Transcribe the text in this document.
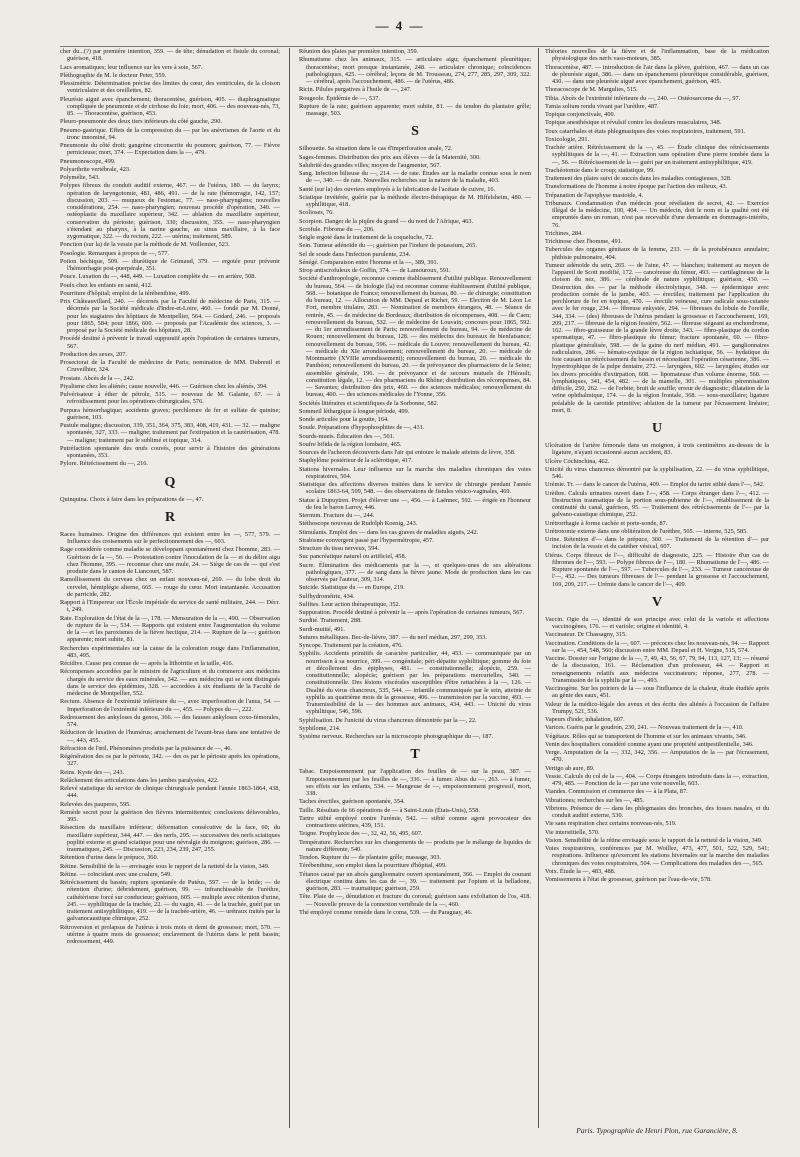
— 4 —
cher du...(?) par première intention, 359. — de tête; dénudation et fistule du coronal; guérison, 418.
Lacs aromatiques; leur influence sur les vers à soie, 567.
Pléthographie de M. le docteur Peter, 559.
Plessimétrie. Détermination précise des limites du cœur, des ventricules, de la cloison ventriculaire et des oreillettes, 82.
Pleurésie aiguë avec épanchement; thoracentèse, guérison, 405. — diaphragmatique compliquée de pneumonie et de cirrhose du foie; mort, 406. — des nouveau-nés, 73, 85. — Thoracentèse, guérison, 453.
Pleuro-pneumonie des deux tiers inférieurs du côté gauche, 290.
Pneumo-gastrique. Effets de la compression du — par les anévrismes de l'aorte et du tronc innominé, 94.
Pneumonie du côté droit; gangrène circonscrite du poumon; guérison, 77. — Fièvre pernicieuse; mort, 374. — Expectation dans la —, 479.
Pneumonoscope, 499.
Polyarthrite vertébrale, 423.
Polymélie, 543.
Polypes fibreux du conduit auditif externe, 467. — de l'utérus, 180. — du larynx; opération de laryngotomie, 481, 486, 491. — de la rate (hémorragie, 142, 157; discussion, 203. — muqueux de l'estomac, 77. — naso-pharyngiens; nouvelles considérations, 254. — naso-pharyngien; nouveau procédé d'opération, 340. — ostéoplastie du maxillaire supérieur, 342. — ablation du maxillaire supérieur, conservation du périoste; guérison, 330; discussion, 355. — naso-pharyngien s'étendant au pharynx, à la narine gauche, au sinus maxillaire, à la face zygomatique, 322. — du rectum, 222. — utérins; traitement, 589.
Ponction (sur la) de la vessie par la méthode de M. Voillemier, 523.
Posologie. Remarques à propos de —, 577.
Potion béchique, 509. — diurétique de Grimaud, 379. — ergotée pour prévenir l'hémorrhagie post-puerpérale, 351.
Pouce. Luxation du —, 448, 449. — Luxation complète du — en arrière, 508.
Poulx chez les enfants en santé, 412.
Pourriture d'hôpital; emploi de la térébenthine, 499.
Prix Châteauvillard, 240. — décernés par la Faculté de médecine de Paris, 315. — décernés par la Société médicale d'Indre-et-Loire, 460. — fondé par M. Donné, pour les stagiaires des hôpitaux de Montpellier, 564. — Godard, 246. — proposés pour 1865, 584; pour 1866, 600. — proposés par l'Académie des sciences, 3. — proposé par la Société médicale des hôpitaux, 28.
Procédé destiné à prévenir le travail suppuratif après l'opération de certaines tumeurs, 567.
Production des sexes, 207.
Prosectorat de la Faculté de médecine de Paris; nomination de MM. Dubreuil et Cruveilhier, 324.
Prostate. Abcès de la —, 242.
Ptyalisme chez les aliénés; cause nouvelle, 446. — Guérison chez les aliénés, 394.
Pulvérisateur à éther de pétrole, 515. — nouveau de M. Galante, 67. — à refroidissement pour les opérations chirurgicales, 576.
Purpura hémorrhagique; accidents graves; perchlorure de fer et sulfate de quinine; guérison, 103.
Pustule maligne; discussion, 339, 351, 364, 375, 383, 408, 419, 431. — 32. — maligne spontanée, 327, 333. — maligne; traitement par l'extirpation et la cautérisation, 478. — maligne; traitement par le sublimé et topique, 314.
Putréfaction spontanée des œufs couvés, pour servir à l'histoire des générations spontanées, 353.
Pylore. Rétrécissement du —, 216.
Q
Quinquina. Choix à faire dans les préparations de —, 47.
R
Races humaines. Origine des différences qui existent entre les —, 577, 579. — Influence des croisements sur le perfectionnement des —, 603.
Rage considérée comme maladie se développant spontanément chez l'homme, 283. — Guérison de la —, 56. — Protestation contre l'inoculation de la — et du délire aigu chez l'homme, 395. — reconnue chez une mule, 24. — Siège de cas de — qui s'est produite dans le canton de Liancourt, 587.
Ramollissement du cerveau chez un enfant nouveau-né, 269. — du lobe droit du cervelet, hémiplégie alterne, 665. — rouge du cœur. Mort instantanée. Accusation de parricide, 282.
Rapport à l'Empereur sur l'École impériale du service de santé militaire, 244. — Décr. t, 249.
Rate. Exploration de l'état de la —, 178. — Mensuration de la —, 490. — Observation de rupture de la —, 534. — Rapports qui existent entre l'augmentation du volume de la — et les paroxismes de la fièvre hectique, 214. — Rupture de la —; guérison apparente; mort subite, 81.
Recherches expérimentales sur la cause de la coloration rouge dans l'inflammation, 483, 495.
Récidive. Cause peu connue de — après la lithotritie et la taille, 416.
Récompenses accordées par le ministre de l'agriculture et du commerce aux médecins chargés du service des eaux minérales, 342. — aux médecins qui se sont distingués dans le service des épidémies, 328. — accordées à six étudiants de la Faculté de médecine de Montpellier, 552.
Rectum. Absence de l'extrémité inférieure du —, avec imperforation de l'anus, 54. — Imperforation de l'extrémité inférieure du —, 455. — Polypes du —, 222.
Redressement des ankyloses du genou, 366. — des fausses ankyloses coxo-fémorales, 574.
Réduction de luxation de l'humérus; arrachement de l'avant-bras dans une tentative de —, 443, 455.
Réfraction de l'œil. Phénomènes produits par la puissance de —, 46.
Régénération des os par le périoste, 342. — des os par le périoste après les opérations, 327.
Reins. Kyste des —, 243.
Relâchement des articulations dans les jambes paralysées, 422.
Relevé statistique du service de clinique chirurgicale pendant l'année 1863-1864, 438, 444.
Relevées des pauperes, 595.
Remède secret pour la guérison des fièvres intermittentes; conclusions défavorables, 395.
Résection du maxillaire inférieur; déformation consécutive de la face, 60; du maxillaire supérieur, 344, 447. — des nerfs, 295. — successives des nerfs sciatiques poplité externe et grand sciatique pour une névralgie du moignon; guérison, 286. — traumatiques, 245. — Discussion, 223, 234, 239, 247, 255.
Rétention d'urine dans le prépuce, 360.
Rétine. Sensibilité de la — envisagée sous le rapport de la netteté de la vision, 349.
Rétine. — coïncidant avec une coalure, 549.
Rétrécissement du bassin; rupture spontanée de Putéus, 597. — de la bride; — de rétention d'urine; débridement, guérison, 99. — infranchissable de l'urèthre, cathétérisme forcé sur conducteur; guérison, 605. — multiple avec rétention d'urine, 245. — syphilitique de la trachée, 22. — du vagin, 41. — de la trachée, guéri par un traitement antisyphilitique, 419. — de la trachée-artère, 46. — urétraux traités par la galvanocaustique chimique, 252.
Rétroversion et prolapsus de l'utérus à trois mois et demi de grossesse; mort, 570. — utérine à quatre mois de grossesse; enclavement de l'utérus dans le petit bassin; redressement, 449.
Réunion des plaies par première intention, 359.
Rhumatisme chez les animaux, 315. — articulaire aigu; épanchement pleurétique; thoracentèse; mort presque instantanée, 248. — articulaire chronique; coïncidences pathologiques, 425. — cérébral; leçons de M. Trousseau, 274, 277, 285, 297, 309, 322. — cérébral, après l'accouchement, 486. — de l'utérus, 486.
Ricin. Pilules purgatives à l'huile de —, 247.
Rougeole. Épidémie de —, 537.
Rupture de la rate; guérison apparente; mort subite, 81. — du tendon du plantaire grêle; massage, 503.
S
Silhouette. Sa situation dans le cas d'imperforation anale, 72.
Sages-femmes. Distribution des prix aux élèves — de la Maternité, 300.
Salubrité des grandes villes; moyen de l'augmenter, 567.
Sang. Infection bilieuse du —, 214. — de rate. Études sur la maladie connue sous le nom de —, 340. — de rate. Nouvelles recherches sur la nature de la maladie, 403.
Santé (sur la) des ouvriers employés à la fabrication de l'acétate de cuivre, 16.
Sciatique invétérée, guérie par la méthode électro-thérapique de M. Hiffelsheim, 480. — syphilitique, 418.
Scolioses, 76.
Scorpion. Danger de la piqûre du grand — du nord de l'Afrique, 463.
Scrofule. Fibrome du —, 206.
Seigle ergoté dans le traitement de la coqueluche, 72.
Sein. Tumeur adénoïde du —; guérison par l'iodure de potassium, 265.
Sel de soude dans l'infection purulente, 234.
Sénégé. Comparaison entre l'homme et la —, 389, 391.
Sirop antiscrofuleux de Goffin, 374. — de Lamouroux, 591.
Société d'anthropologie, reconnue comme établissement d'utilité publique. Renouvellement du bureau, 564. — de biologie (la) est reconnue comme établissement d'utilité publique, 568. — botanique de France; renouvellement du bureau, 80. — de chirurgie; constitution du bureau, 12. — Allocution de MM. Depaul et Richet, 59. — Election de M. Léon Le Fort, membre titulaire, 283. — Nomination de membres étrangers, 48. — Séance de rentrée, 45. — de médecine de Bordeaux; distribution de récompenses, 408. — de Caen; renouvellement du bureau, 532. — de médecine de Louvain; concours pour 1865, 592. — du 1er arrondissement de Paris; renouvellement du bureau, 94. — de médecine de Rouen; renouvellement du bureau, 128. — des médecins des bureaux de bienfaisance; renouvellement du bureau, 596. — médicale du Louvre; renouvellement du bureau, 42. — médicale du XIe arrondissement; renouvellement du bureau, 20. — médicale de Montmartre (XVIIIe arrondissement); renouvellement du bureau, 20. — médicale du Panthéon; renouvellement du bureau, 20. — de prévoyance des pharmaciens de la Seine; assemblée générale, 196. — de prévoyance et de secours mutuels de l'Hérault; constitution légale, 12. — des pharmaciens du Rhône; distribution des récompenses, 84. — Savantes; distribution des prix, 460. — des sciences médicales; renouvellement du bureau, 400. — des sciences médicales de l'Yonne, 356.
Sociétés littéraires et scientifiques de la Sorbonne, 582.
Sommeil léthargique à longue période, 499.
Sonde articulée pour la goutte, 164.
Soude. Préparations d'hypophosphites de —, 431.
Sourds-muets. Éducation des —, 501.
Soufre bifida de la région lombaire, 465.
Sources de l'acheron découverts dans l'air qui entoure le malade atteints de lèvre, 358.
Staphylôme postérieur de la sclérotique, 417.
Stations hivernales. Leur influence sur la marche des maladies chroniques des voies respiratoires, 504.
Statistique des affections diverses traitées dans le service de chirurgie pendant l'année scolaire 1863-64, 509, 548. — des observations de fistules vésico-vaginales, 469.
Statue à Dupuytren. Projet d'élever une —, 456. — à Laënnec, 592. — érigée en l'honneur de feu le baron Larrey, 446.
Sternum. Fracture du —, 244.
Stéthoscope nouveau de Rudolph Koenig, 243.
Stimulants. Emploi des — dans les cas graves de maladies aiguës, 242.
Strabisme convergent passé par l'hypermétropie, 457.
Structure du tissu nerveux, 594.
Suc pancréatique naturel ou artificiel, 458.
Sucre. Élimination des médicaments par la —, et quelques-unes de ses altérations pathologiques, 377. — de sang dans la fièvre jaune. Mode de production dans les cas observés par l'auteur, 309, 314.
Suicide. Statistique du — en Europe, 219.
Sulfhydrométrie, 434.
Sulfites. Leur action thérapeutique, 352.
Suppuration. Procédé destiné à prévenir la — après l'opération de certaines tumeurs, 567.
Surdité. Traitement, 288.
Surdi-mutité, 491.
Sutures métalliques. Bec-de-lièvre, 387. — du nerf médian, 297, 299, 353.
Syncope. Traitement par la création, 476.
Syphilis. Accidents primitifs de caractère particulier, 44, 453. — communiquée par un nourrisson à sa nourrice, 399. — congénitale; péri-dépatite syphilitique; gomme du foie et décollement des épiphyses, 481. — constitutionnelle; alopécie, 259. — constitutionnelle; alopécie; guérison par les préparations mercurielles, 340. — constitutionnelle. Des lésions viscérales susceptibles d'être rattachées à la —, 126. — Dualité du virus chancreux, 535, 544. — infantile communiquée par le sein, atteinte de syphilis au quatrième mois de la grossesse, 406. — transmission par la vaccine, 493. — Transmissibilité de la — des hommes aux animaux, 434, 443. — Unicité du virus syphilitique, 546, 596.
Syphilisation. De l'unicité du virus chancreux démontrée par la —, 22.
Syphilome, 214.
Système nerveux. Recherches sur la microscopie photographique du —, 187.
T
Tabac. Empoisonnement par l'application des feuilles de — sur la peau, 387. — Empoisonnement par les feuilles de —, 336. — à fumer. Abus du —, 263. — à fumer, ses effets sur les enfants, 534. — Mangeuse de —, empoisonnement progressif, mort, 338.
Taches érectiles, guérison spontanée, 354.
Taille. Résultats de 66 opérations de — à Saint-Louis (États-Unis), 558.
Tartre stibié employé contre l'urémie, 542. — stibié comme agent provocateur des contractions utérines, 439, 151.
Teigne. Prophylaxie des —, 32, 42, 56, 495, 607.
Température. Recherches sur les changements de — produits par le mélange de liquides de nature différente, 540.
Tendon. Rupture du — de plantaire grêle; massage, 303.
Térébenthine, son emploi dans la pourriture d'hôpital, 499.
Tétanos causé par un abcès ganglionnaire ouvert spontanément, 366. — Emploi du courant électrique continu dans les cas de —, 39. — traitement par l'opium et la belladone, guérison, 283. — traumatique; guérison, 259.
Tête. Plaie de —, dénudation et fracture du coronal; guérison sans exfoliation de l'os, 418. — Nouvelle preuve de la connexion vertébrale de la —, 460.
Thé employé comme remède dans le coma, 539. — du Paraguay, 46.
Théories nouvelles de la fièvre et de l'inflammation, base de la médication physiologique des nerfs vaso-moteurs, 385.
Thoracentèse, 487. — introduction de l'air dans la plèvre, guérison, 467. — dans un cas de pleurésie aiguë, 386. — dans un épanchement pleurétique considérable, guérison, 430. — dans une pleurésie aiguë avec épanchement, guérison, 405.
Thoracoscope de M. Margulies, 515.
Tibia. Abcès de l'extrémité inférieure du —, 240. — Ostéosarcome du —, 97.
Tænia solium rendu vivant par l'urèthre, 487.
Topique conjonctivale, 400.
Topique anesthésique et révulsif contre les douleurs musculaires, 348.
Toux catarrhales et états phlegmasiques des voies respiratoires, traitement, 591.
Toxicologie, 291.
Trachée artère. Rétrécissement de la —, 45. — Étude clinique des rétrécissements syphilitiques de la —, 41. — Extraction sans opération d'une pierre tombée dans la —, 56. — Rétrécissement de la — guéri par un traitement antisyphilitique, 419.
Trachéotomie dans le croup; statistique, 99.
Traitement des plaies suivi de succès dans les maladies contagieuses, 328.
Transformations de l'homme à notre époque par l'action des milieux, 43.
Trépanation de l'apophyse mastoïde, 4.
Tribunaux. Condamnation d'un médecin pour révélation de secret, 42. — Exercice illégal de la médecine, 100, 404. — Un médecin, doit le nom et la qualité ont été empruntés dans un roman, n'est pas recevable d'une demande en dommages-intérêts, 76.
Trichines, 284.
Trichinose chez l'homme, 491.
Tubercules des organes génitaux de la femme, 233. — de la protubérance annulaire; phthisie pulmonaire, 404.
Tumeur adénoïde du sein, 265. — de l'aine, 47. — blanches; traitement au moyen de l'appareil de Scott modifié, 172. — cancéreuse du fémur, 493. — cartilagineuse de la cloison du nez, 386. — cérébrale de nature syphilitique; guérison, 430. — Destruction des — par la méthode électrolytique, 348. — épidermique avec production cornée de la jambe, 403. — érectiles; traitement par l'application du perchlorure de fer en topique, 470. — érectile veineuse, cure radicale sous-cutanée avec le fer rouge, 234. — fibreuse enkystée, 294. — fibreuses du lobule de l'oreille, 344, 334. — (des) fibreuses de l'utérus pendant la grossesse et l'accouchement, 169, 209, 217. — fibreuse de la région fessière, 562. — fibreuse siégeant au enchondrome, 162. — fibro-graisseuse de la grande lèvre droite, 343. — fibro-plastique du cordon spermatique, 47. — fibro-plastique du fémur; fracture spontanée, 60. — fibro-plastique généralisée, 598. — de la gaine du nerf médian, 491. — ganglionnaires radiculaires, 286. — hémato-cystique de la région ischiatique, 56. — hydatique du foie causant un rétrécissement du bassin et nécessitant l'opération césarienne, 386. — hypertrophique de la pulpe dentaire, 272. — laryngées, 602. — laryngées; études sur les divers procédés d'extirpation, 608. — lipomateuse d'un volume énorme, 560. — lymphatiques, 341, 454, 482. — de la mamelle, 301. — multiples pérennisation difficile, 250, 262. — de l'orbite; bruit de souffle; erreur de diagnostic; dilatation de la veine ophthalmique, 174. — de la région frontale, 368. — sous-maxillaire; ligature préalable de la carotide primitive; ablation de la tumeur par l'écrasement linéaire; mort, 8.
U
Ulcération de l'artère fémorale dans un moignon, à trois centimètres au-dessus de la ligature, n'ayant occasionné aucun accident, 83.
Ulcère Cochinchina, 462.
Unicité du virus chancreux démontré par la syphilisation, 22. — du virus syphilitique, 546.
Urémie. Tr. — dans le cancer de l'utérus, 409. — Emploi du tartre stibié dans l'—, 542.
Urèthre. Calculs urinaires ouvert dans l'—, 458. — Corps étranger dans l'—, 412. — Destruction traumatique de la portion sous-pubienne de l'—, rétablissement de la continuité du canal, guérison, 95. — Traitement des rétrécissements de l'— par la galvano-caustique chimique, 252.
Urétrorrhagie à forme cachée et porte-sonde, 87.
Urétrotomie externe dans une oblitération de l'urèthre, 505. — interne, 525, 585.
Urine. Rétention d'— dans le prépuce, 360. — Traitement de la rétention d'— par incision de la vessie et du catéther vésical, 607.
Utérus. Corps fibreux de l'—, difficulté de diagnostic, 225. — Histoire d'un cas de fibromes de l'—, 593. — Polype fibreux de l'—, 180. — Rhumatisme de l'—, 486. — Rupture spontanée de l'—, 597. — Tubercules de l'—, 233. — Tumeur cancéreuse de l'—, 452. — Des tumeurs fibreuses de l'— pendant la grossesse et l'accouchement, 169, 209, 217. — Urémie dans le cancer de l'—, 409.
V
Vaccin. Ogie du —, identité de son principe avec celui de la variole et affections vaccinogènes, 176. — et variole; origine et identité, 4.
Vaccinateur. Dr Chassagny, 315.
Vaccination. Conditions de la —, 607. — précoces chez les nouveau-nés, 94. — Rapport sur la —, 454, 548, 560; discussion entre MM. Depaul et H. Vergne, 515, 574.
Vaccine. Dossier sur l'origine de la —, 7, 49, 43, 56, 67, 79, 94, 113, 127, 13; — résumé de la discussion, 161. — Réclamation d'un professeur, 44. — Rapport et renseignements relatifs aux médecins vaccinateurs; réponse, 277, 278. — Transmission de la syphilis par la —, 493.
Vaccinogène. Sur les poiriers de la — sous l'influence de la chaleur, étude étudiée après au génie des eaux, 451.
Valeur de la médico-légale des aveux et des écrits des aliénés à l'occasion de l'affaire Trumpy, 521, 536.
Vapeurs d'iode; inhalation, 607.
Varices. Guéris par le goudron, 230, 241. — Nouveau traitement de la —, 410.
Végétaux. Rôles qui se transportent de l'homme et sur les animaux vivants, 346.
Venin des hospitaliers considéré comme ayant une propriété antipestilentielle, 346.
Verge. Amputation de la —, 332, 342, 356. — Amputation de la — par l'écrasement, 470.
Vertigo ab aure, 89.
Vessie. Calculs du col de la —, 404. — Corps étrangers introduits dans la —, extraction, 479, 485. — Ponction de la — par une voie nouvelle, 603.
Viandes. Commission et commerce des — à la Plata, 87.
Vibrationes; recherches sur les —, 485.
Vibrions. Présence de — dans les phlegmasies des bronches, des fosses nasales, et du conduit auditif externe, 530.
Vie sans respiration chez certains nouveau-nés, 519.
Vie interstitielle, 570.
Vision. Sensibilité de la rétine envisagée sous le rapport de la netteté de la vision, 349.
Voies respiratoires, conférences par M. Woillez, 473, 477, 501, 522, 529, 541; respirations. Influence qu'exercent les stations hivernales sur la marche des maladies chroniques des voies respiratoires, 504. — Complications des maladies des —, 565.
Voix. Étude la —, 483, 488.
Vomissements à l'état de grossesse, guérison par l'eau-de-vie, 578.
Paris. Typographie de Henri Plon, rue Garancière, 8.
